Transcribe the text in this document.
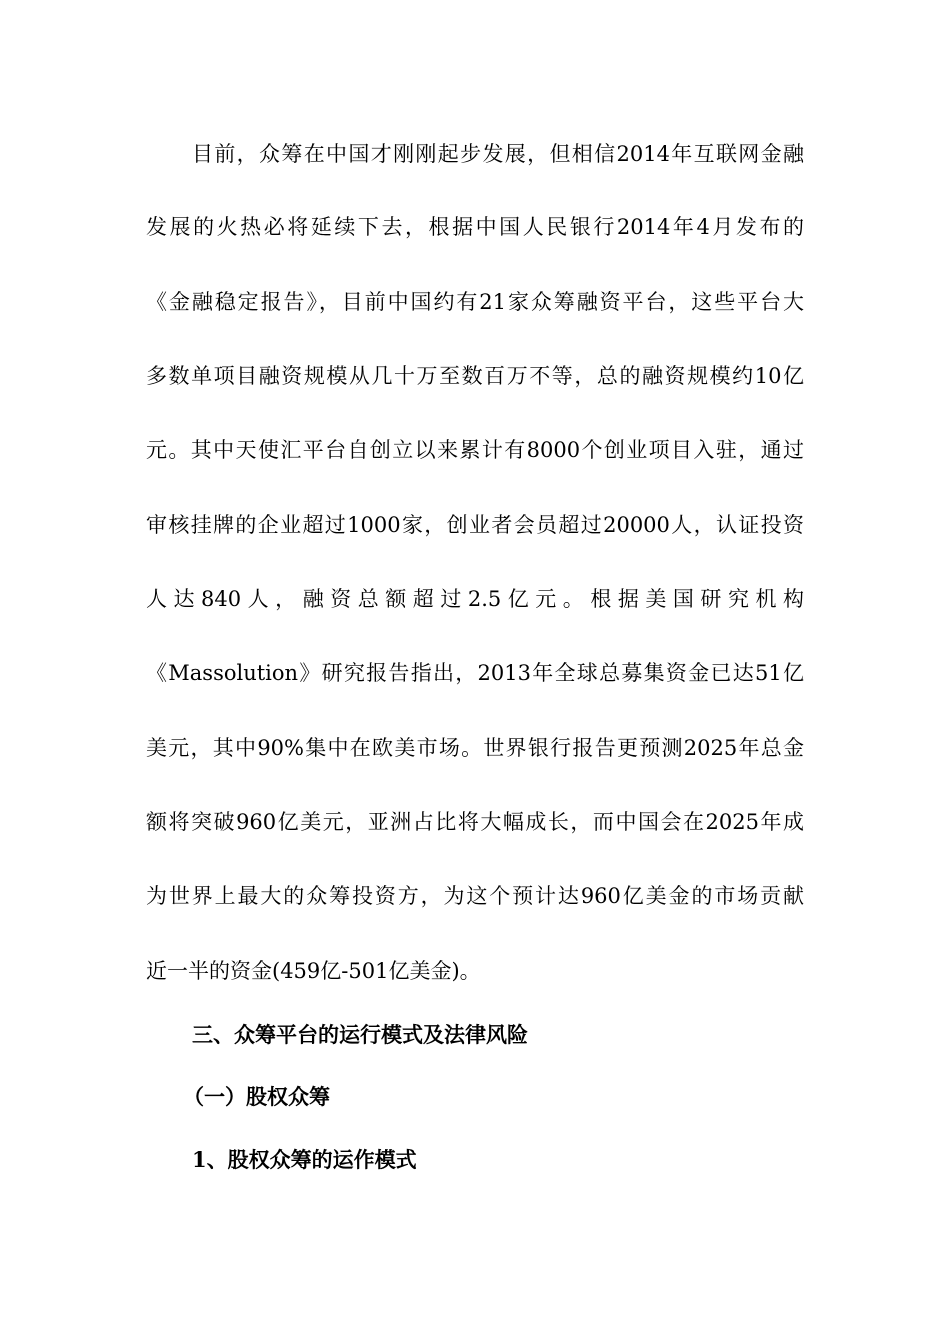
目前，众筹在中国才刚刚起步发展，但相信2014年互联网金融
发展的火热必将延续下去，根据中国人民银行2014年4月发布的
《金融稳定报告》，目前中国约有21家众筹融资平台，这些平台大
多数单项目融资规模从几十万至数百万不等，总的融资规模约10亿
元。其中天使汇平台自创立以来累计有8000个创业项目入驻，通过
审核挂牌的企业超过1000家，创业者会员超过20000人，认证投资
人达840人，融资总额超过2.5亿元。根据美国研究机构
《Massolution》研究报告指出，2013年全球总募集资金已达51亿
美元，其中90%集中在欧美市场。世界银行报告更预测2025年总金
额将突破960亿美元，亚洲占比将大幅成长，而中国会在2025年成
为世界上最大的众筹投资方，为这个预计达960亿美金的市场贡献
近一半的资金(459亿-501亿美金)。
三、众筹平台的运行模式及法律风险
（一）股权众筹
1、股权众筹的运作模式
